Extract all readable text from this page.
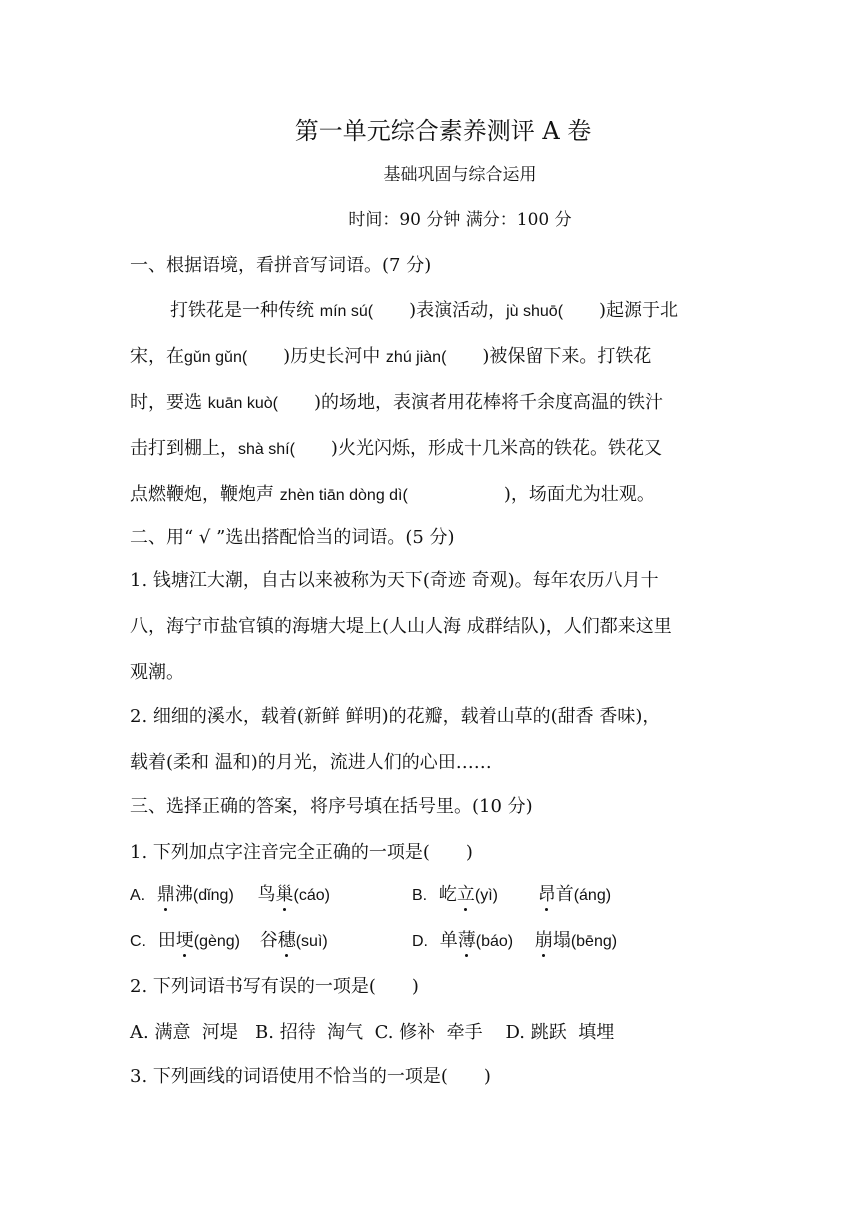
第一单元综合素养测评 A 卷
基础巩固与综合运用
时间：90 分钟 满分：100 分
一、根据语境，看拼音写词语。(7 分)
打铁花是一种传统 mín sú( )表演活动，jù shuō( )起源于北
宋，在gǔn gǔn( )历史长河中 zhú jiàn( )被保留下来。打铁花
时，要选 kuān kuò( )的场地，表演者用花棒将千余度高温的铁汁
击打到棚上，shà shí( )火光闪烁，形成十几米高的铁花。铁花又
点燃鞭炮，鞭炮声 zhèn tiān dònɡ dì(	)，场面尤为壮观。
二、用“ √ ”选出搭配恰当的词语。(5 分)
1. 钱塘江大潮，自古以来被称为天下(奇迹 奇观)。每年农历八月十
八，海宁市盐官镇的海塘大堤上(人山人海 成群结队)，人们都来这里
观潮。
2. 细细的溪水，载着(新鲜 鲜明)的花瓣，载着山草的(甜香 香味)，
载着(柔和 温和)的月光，流进人们的心田……
三、选择正确的答案，将序号填在括号里。(10 分)
1. 下列加点字注音完全正确的一项是( )
A. 鼎沸(dǐnɡ) 鸟巢(cáo)	B. 屹立(yì) 昂首(ánɡ)
C. 田埂(ɡènɡ) 谷穗(suì)	D. 单薄(báo) 崩塌(bēnɡ)
2. 下列词语书写有误的一项是( )
A. 满意  河堤   B. 招待  淘气  C. 修补  牵手    D. 跳跃  填埋
3. 下列画线的词语使用不恰当的一项是( )
